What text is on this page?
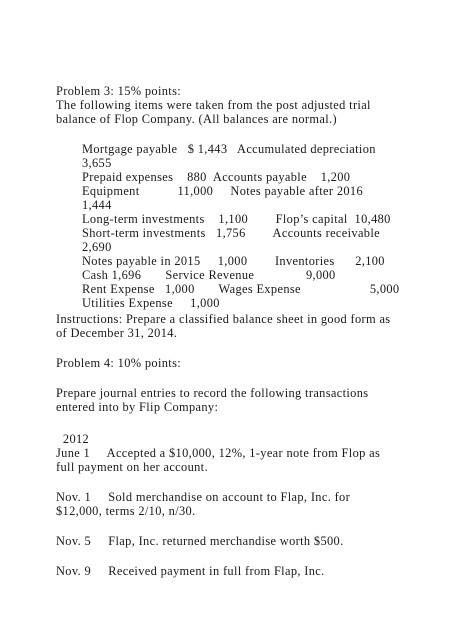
Problem 3: 15% points:
The following items were taken from the post adjusted trial
balance of Flop Company. (All balances are normal.)
Mortgage payable   $ 1,443   Accumulated depreciation
3,655
Prepaid expenses    880  Accounts payable    1,200
Equipment           11,000     Notes payable after 2016
1,444
Long-term investments    1,100        Flop’s capital  10,480
Short-term investments   1,756        Accounts receivable
2,690
Notes payable in 2015     1,000        Inventories      2,100
Cash 1,696       Service Revenue               9,000
Rent Expense   1,000       Wages Expense                    5,000
Utilities Expense     1,000
Instructions: Prepare a classified balance sheet in good form as
of December 31, 2014.
Problem 4: 10% points:
Prepare journal entries to record the following transactions
entered into by Flip Company:
2012
June 1     Accepted a $10,000, 12%, 1-year note from Flop as
full payment on her account.
Nov. 1     Sold merchandise on account to Flap, Inc. for
$12,000, terms 2/10, n/30.
Nov. 5     Flap, Inc. returned merchandise worth $500.
Nov. 9     Received payment in full from Flap, Inc.
